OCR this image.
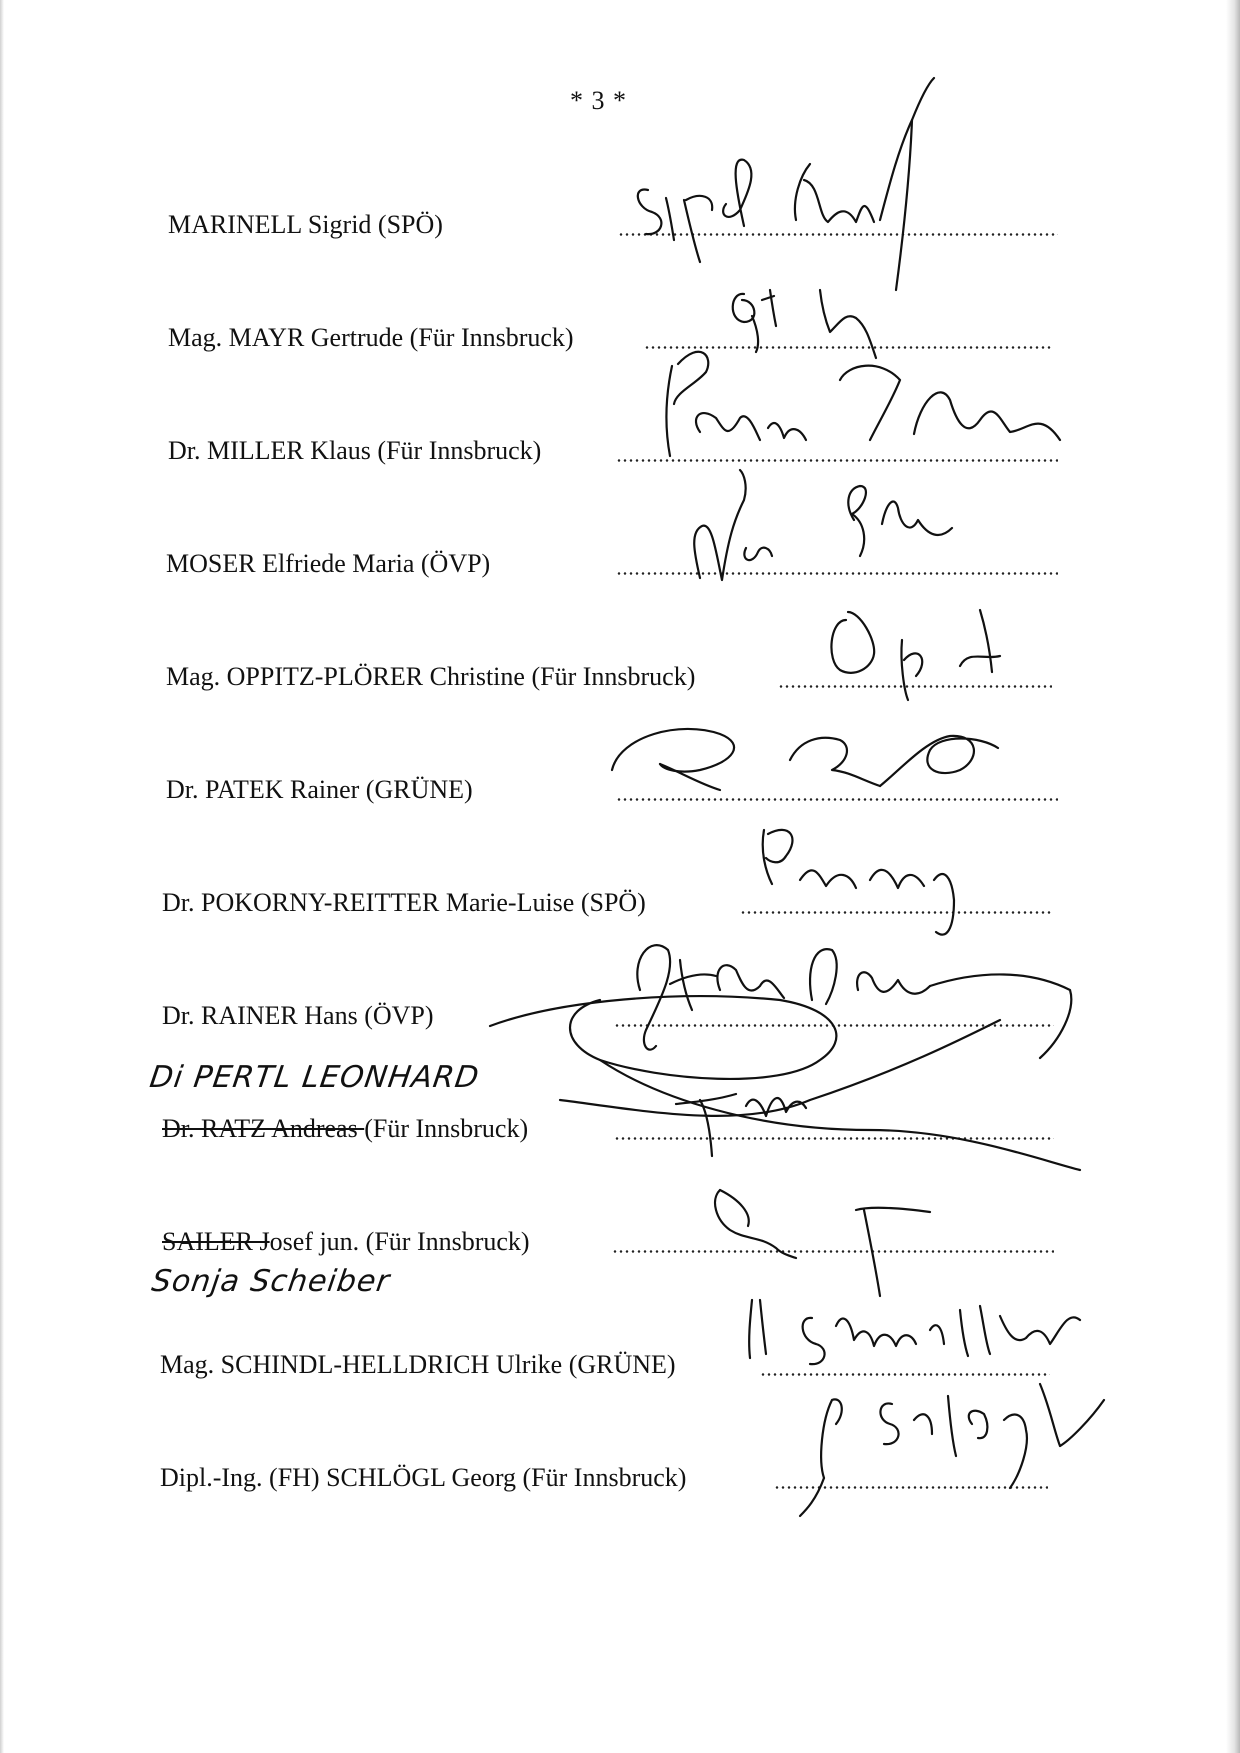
* 3 *
MARINELL Sigrid (SPÖ)
Mag. MAYR Gertrude (Für Innsbruck)
Dr. MILLER Klaus (Für Innsbruck)
MOSER Elfriede Maria (ÖVP)
Mag. OPPITZ-PLÖRER Christine (Für Innsbruck)
Dr. PATEK Rainer (GRÜNE)
Dr. POKORNY-REITTER Marie-Luise (SPÖ)
Dr. RAINER Hans (ÖVP)
Di PERTL LEONHARD
Dr. RATZ Andreas (Für Innsbruck)
SAILER Josef jun. (Für Innsbruck)
Sonja Scheiber
Mag. SCHINDL-HELLDRICH Ulrike (GRÜNE)
Dipl.-Ing. (FH) SCHLÖGL Georg (Für Innsbruck)
